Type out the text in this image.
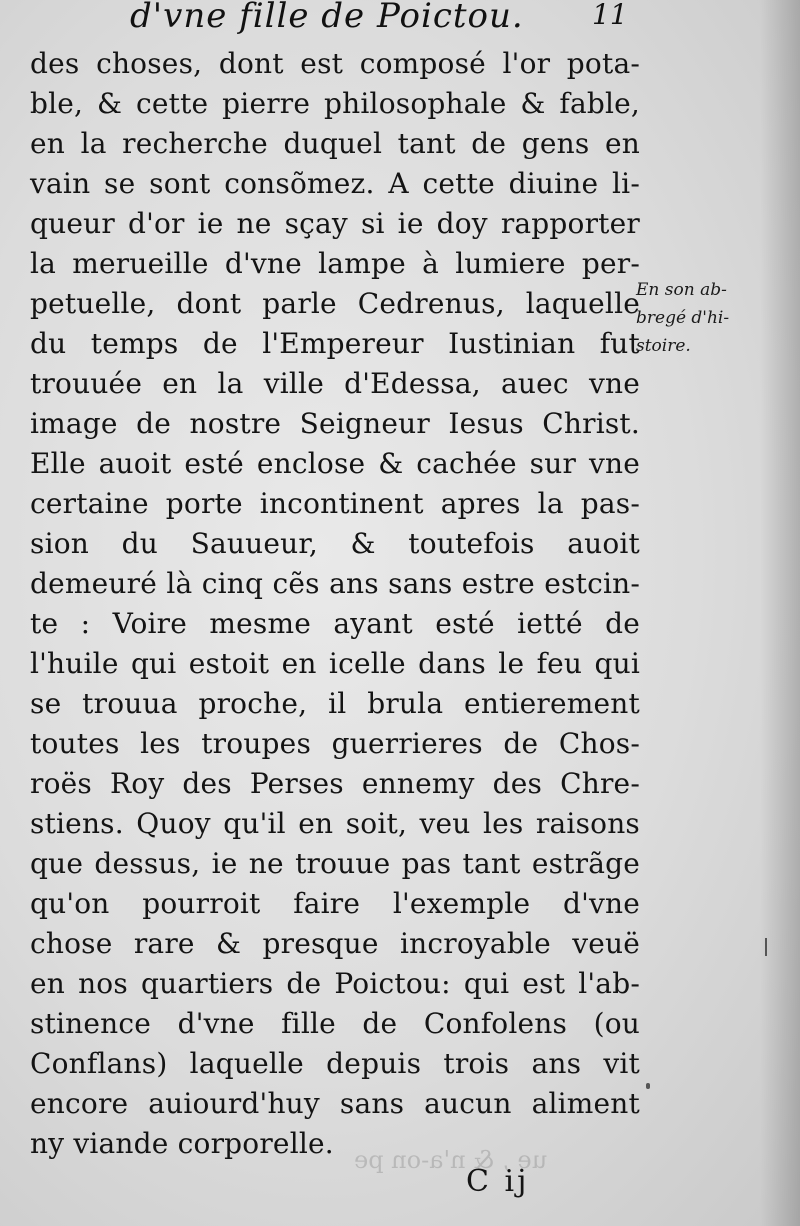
d'vne fille de Poictou. 11
des choses, dont est composé l'or pota-
ble, & cette pierre philosophale & fable,
en la recherche duquel tant de gens en
vain se sont consõmez. A cette diuine li-
queur d'or ie ne sçay si ie doy rapporter
la merueille d'vne lampe à lumiere per-
petuelle, dont parle Cedrenus, laquelle
du temps de l'Empereur Iustinian fut
trouuée en la ville d'Edessa, auec vne
image de nostre Seigneur Iesus Christ.
Elle auoit esté enclose & cachée sur vne
certaine porte incontinent apres la pas-
sion du Sauueur, & toutefois auoit
demeuré là cinq cẽs ans sans estre estcin-
te : Voire mesme ayant esté ietté de
l'huile qui estoit en icelle dans le feu qui
se trouua proche, il brula entierement
toutes les troupes guerrieres de Chos-
roës Roy des Perses ennemy des Chre-
stiens. Quoy qu'il en soit, veu les raisons
que dessus, ie ne trouue pas tant estrãge
qu'on pourroit faire l'exemple d'vne
chose rare & presque incroyable veuë
en nos quartiers de Poictou: qui est l'ab-
stinence d'vne fille de Confolens (ou
Conflans) laquelle depuis trois ans vit
encore auiourd'huy sans aucun aliment
ny viande corporelle.
En son ab-
bregé d'hi-
stoire.
ue , & n'a-on pe
C ij
